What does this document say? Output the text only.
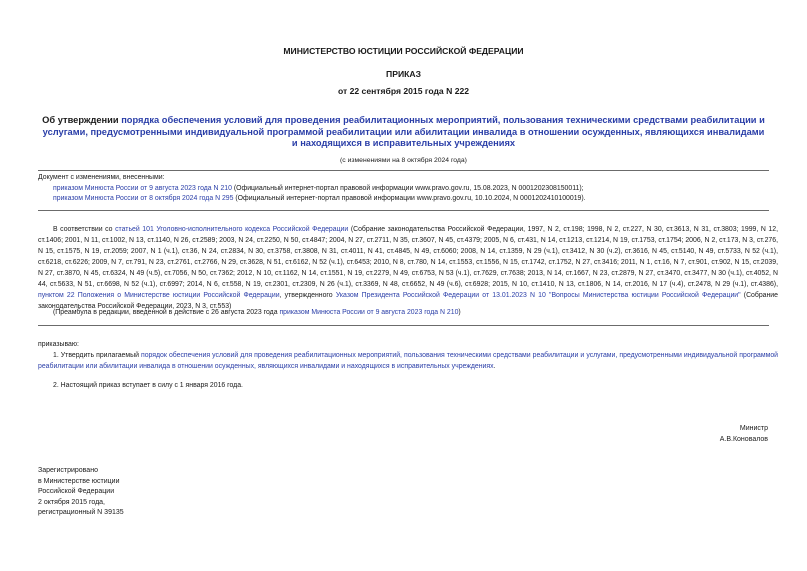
МИНИСТЕРСТВО ЮСТИЦИИ РОССИЙСКОЙ ФЕДЕРАЦИИ
ПРИКАЗ
от 22 сентября 2015 года N 222
Об утверждении порядка обеспечения условий для проведения реабилитационных мероприятий, пользования техническими средствами реабилитации и услугами, предусмотренными индивидуальной программой реабилитации или абилитации инвалида в отношении осужденных, являющихся инвалидами и находящихся в исправительных учреждениях
(с изменениями на 8 октября 2024 года)
Документ с изменениями, внесенными:
приказом Минюста России от 9 августа 2023 года N 210 (Официальный интернет-портал правовой информации www.pravo.gov.ru, 15.08.2023, N 0001202308150011);
приказом Минюста России от 8 октября 2024 года N 295 (Официальный интернет-портал правовой информации www.pravo.gov.ru, 10.10.2024, N 0001202410100019).
В соответствии со статьей 101 Уголовно-исполнительного кодекса Российской Федерации (Собрание законодательства Российской Федерации, 1997, N 2, ст.198; 1998, N 2, ст.227, N 30, ст.3613, N 31, ст.3803; 1999, N 12, ст.1406; 2001, N 11, ст.1002, N 13, ст.1140, N 26, ст.2589; 2003, N 24, ст.2250, N 50, ст.4847; 2004, N 27, ст.2711, N 35, ст.3607, N 45, ст.4379; 2005, N 6, ст.431, N 14, ст.1213, ст.1214, N 19, ст.1753, ст.1754; 2006, N 2, ст.173, N 3, ст.276, N 15, ст.1575, N 19, ст.2059; 2007, N 1 (ч.1), ст.36, N 24, ст.2834, N 30, ст.3758, ст.3808, N 31, ст.4011, N 41, ст.4845, N 49, ст.6060; 2008, N 14, ст.1359, N 29 (ч.1), ст.3412, N 30 (ч.2), ст.3616, N 45, ст.5140, N 49, ст.5733, N 52 (ч.1), ст.6218, ст.6226; 2009, N 7, ст.791, N 23, ст.2761, ст.2766, N 29, ст.3628, N 51, ст.6162, N 52 (ч.1), ст.6453; 2010, N 8, ст.780, N 14, ст.1553, ст.1556, N 15, ст.1742, ст.1752, N 27, ст.3416; 2011, N 1, ст.16, N 7, ст.901, ст.902, N 15, ст.2039, N 27, ст.3870, N 45, ст.6324, N 49 (ч.5), ст.7056, N 50, ст.7362; 2012, N 10, ст.1162, N 14, ст.1551, N 19, ст.2279, N 49, ст.6753, N 53 (ч.1), ст.7629, ст.7638; 2013, N 14, ст.1667, N 23, ст.2879, N 27, ст.3470, ст.3477, N 30 (ч.1), ст.4052, N 44, ст.5633, N 51, ст.6698, N 52 (ч.1), ст.6997; 2014, N 6, ст.558, N 19, ст.2301, ст.2309, N 26 (ч.1), ст.3369, N 48, ст.6652, N 49 (ч.6), ст.6928; 2015, N 10, ст.1410, N 13, ст.1806, N 14, ст.2016, N 17 (ч.4), ст.2478, N 29 (ч.1), ст.4386), пунктом 22 Положения о Министерстве юстиции Российской Федерации, утвержденного Указом Президента Российской Федерации от 13.01.2023 N 10 "Вопросы Министерства юстиции Российской Федерации" (Собрание законодательства Российской Федерации, 2023, N 3, ст.553)
(Преамбула в редакции, введенной в действие с 26 августа 2023 года приказом Минюста России от 9 августа 2023 года N 210)
приказываю:
1. Утвердить прилагаемый порядок обеспечения условий для проведения реабилитационных мероприятий, пользования техническими средствами реабилитации и услугами, предусмотренными индивидуальной программой реабилитации или абилитации инвалида в отношении осужденных, являющихся инвалидами и находящихся в исправительных учреждениях.
2. Настоящий приказ вступает в силу с 1 января 2016 года.
Министр
А.В.Коновалов
Зарегистрировано
в Министерстве юстиции
Российской Федерации
2 октября 2015 года,
регистрационный N 39135
